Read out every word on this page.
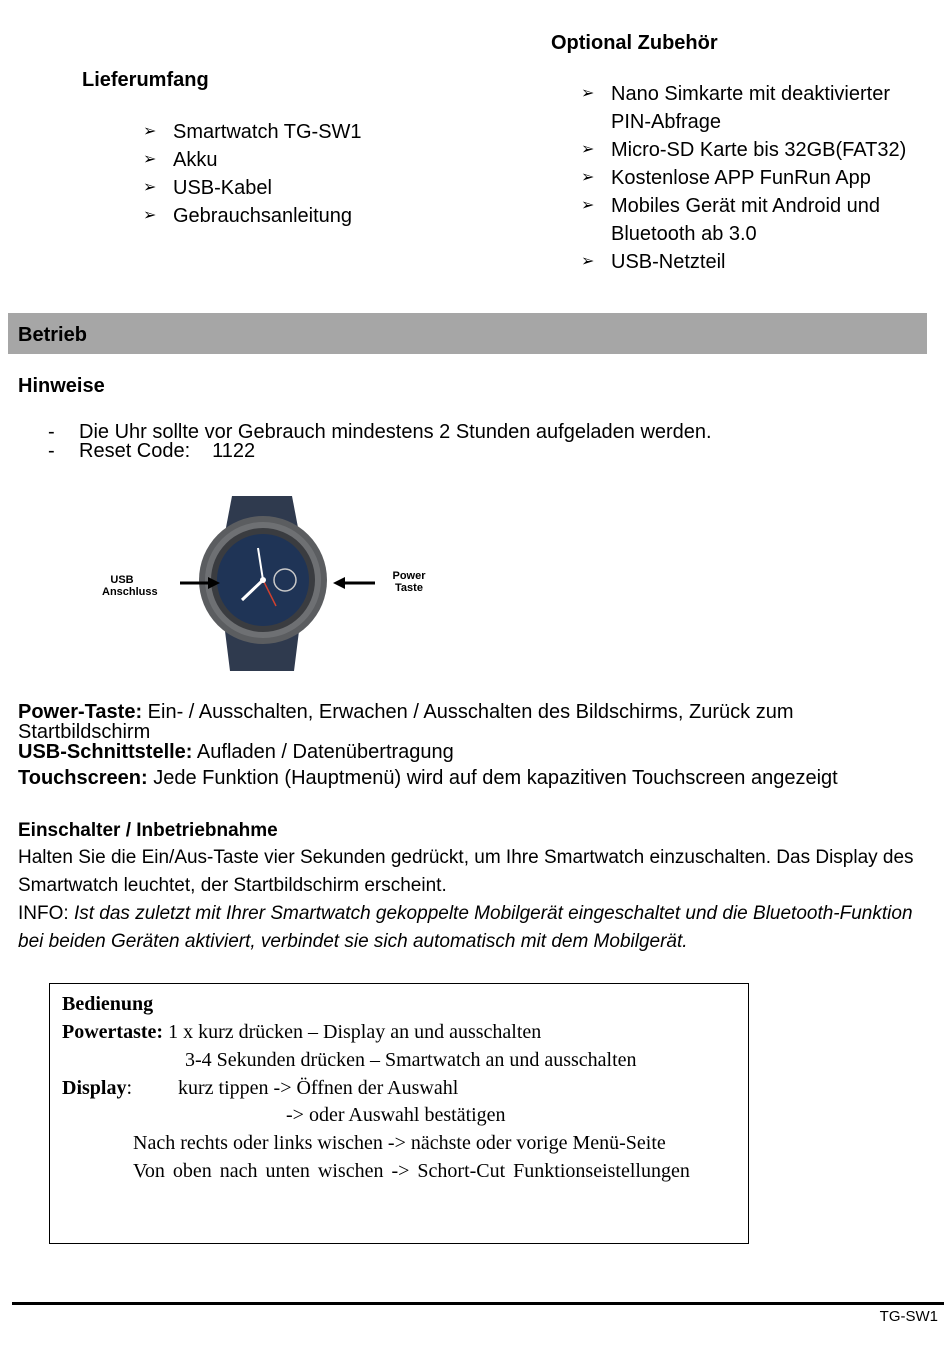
Lieferumfang
➢ Smartwatch TG-SW1
➢ Akku
➢ USB-Kabel
➢ Gebrauchsanleitung
Optional Zubehör
➢ Nano Simkarte mit deaktivierter PIN-Abfrage
➢ Micro-SD Karte bis 32GB(FAT32)
➢ Kostenlose APP FunRun App
➢ Mobiles Gerät mit Android und Bluetooth ab 3.0
➢ USB-Netzteil
Betrieb
Hinweise
- Die Uhr sollte vor Gebrauch mindestens 2 Stunden aufgeladen werden.
- Reset Code: 1122
USB
Anschluss
Power
Taste

Power-Taste: Ein- / Ausschalten, Erwachen / Ausschalten des Bildschirms, Zurück zum Startbildschirm

USB-Schnittstelle: Aufladen / Datenübertragung

Touchscreen: Jede Funktion (Hauptmenü) wird auf dem kapazitiven Touchscreen angezeigt

Einschalter / Inbetriebnahme
Halten Sie die Ein/Aus-Taste vier Sekunden gedrückt, um Ihre Smartwatch einzuschalten. Das Display des Smartwatch leuchtet, der Startbildschirm erscheint.
INFO: Ist das zuletzt mit Ihrer Smartwatch gekoppelte Mobilgerät eingeschaltet und die Bluetooth-Funktion bei beiden Geräten aktiviert, verbindet sie sich automatisch mit dem Mobilgerät.
Bedienung
Powertaste: 1 x kurz drücken – Display an und ausschalten
3-4 Sekunden drücken – Smartwatch an und ausschalten
Display: kurz tippen -> Öffnen der Auswahl
-> oder Auswahl bestätigen
Nach rechts oder links wischen -> nächste oder vorige Menü-Seite
Von oben nach unten wischen -> Schort-Cut Funktionseistellungen
TG-SW1
